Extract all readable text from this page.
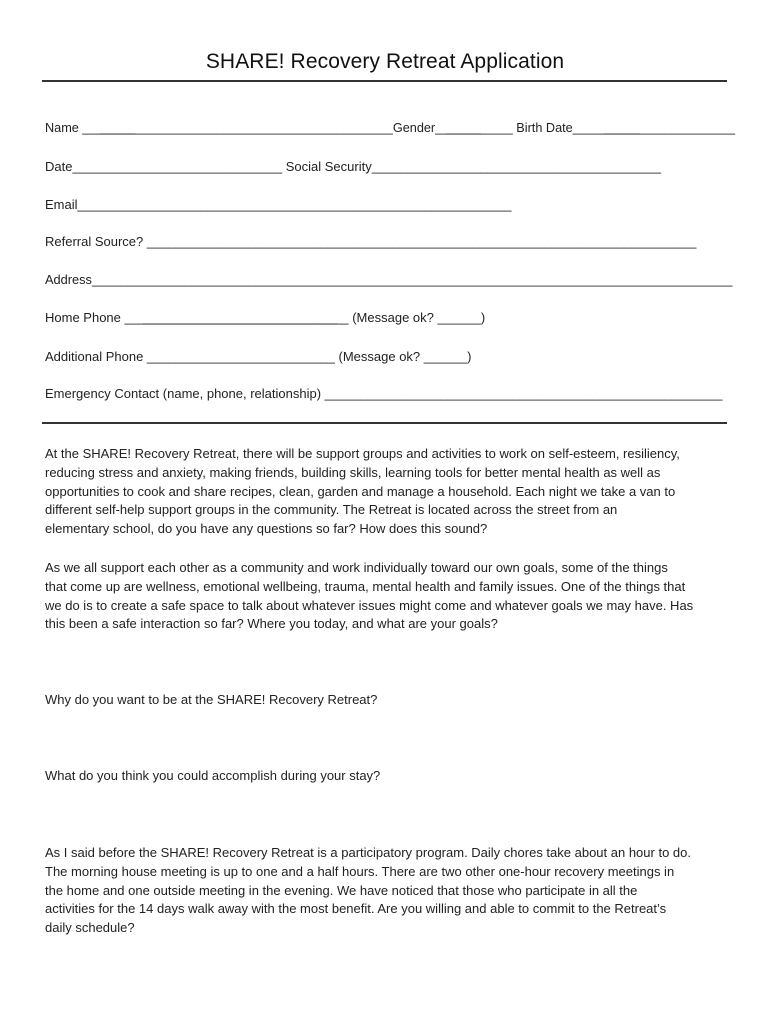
SHARE! Recovery Retreat Application
Name ___̲_̲_̲_̲_̲_____________________________________Gender__̲_̲_̲_̲_̲_____ Birth Date_____̲_̲_̲_̲_̲______________
Date_____________________________ Social Security________________________________________
Email____________________________________________________________
Referral Source? ____________________________________________________________________________
Address__________________________________________________________________________________________
Home Phone ___̲_̲_̲_̲_̲_̲_̲_̲_̲_̲_̲_̲_̲_̲_̲_̲_̲_̲_̲_̲_̲_̲_̲_̲_̲_̲_̲__ (Message ok? ______)
Additional Phone __________________________ (Message ok? ______)
Emergency Contact (name, phone, relationship) _______________________________________________________
At the SHARE! Recovery Retreat, there will be support groups and activities to work on self-esteem, resiliency,
reducing stress and anxiety, making friends, building skills, learning tools for better mental health as well as
opportunities to cook and share recipes, clean, garden and manage a household. Each night we take a van to
different self-help support groups in the community. The Retreat is located across the street from an
elementary school, do you have any questions so far? How does this sound?
As we all support each other as a community and work individually toward our own goals, some of the things
that come up are wellness, emotional wellbeing, trauma, mental health and family issues. One of the things that
we do is to create a safe space to talk about whatever issues might come and whatever goals we may have. Has
this been a safe interaction so far? Where you today, and what are your goals?
Why do you want to be at the SHARE! Recovery Retreat?
What do you think you could accomplish during your stay?
As I said before the SHARE! Recovery Retreat is a participatory program. Daily chores take about an hour to do.
The morning house meeting is up to one and a half hours. There are two other one-hour recovery meetings in
the home and one outside meeting in the evening. We have noticed that those who participate in all the
activities for the 14 days walk away with the most benefit. Are you willing and able to commit to the Retreat’s
daily schedule?
